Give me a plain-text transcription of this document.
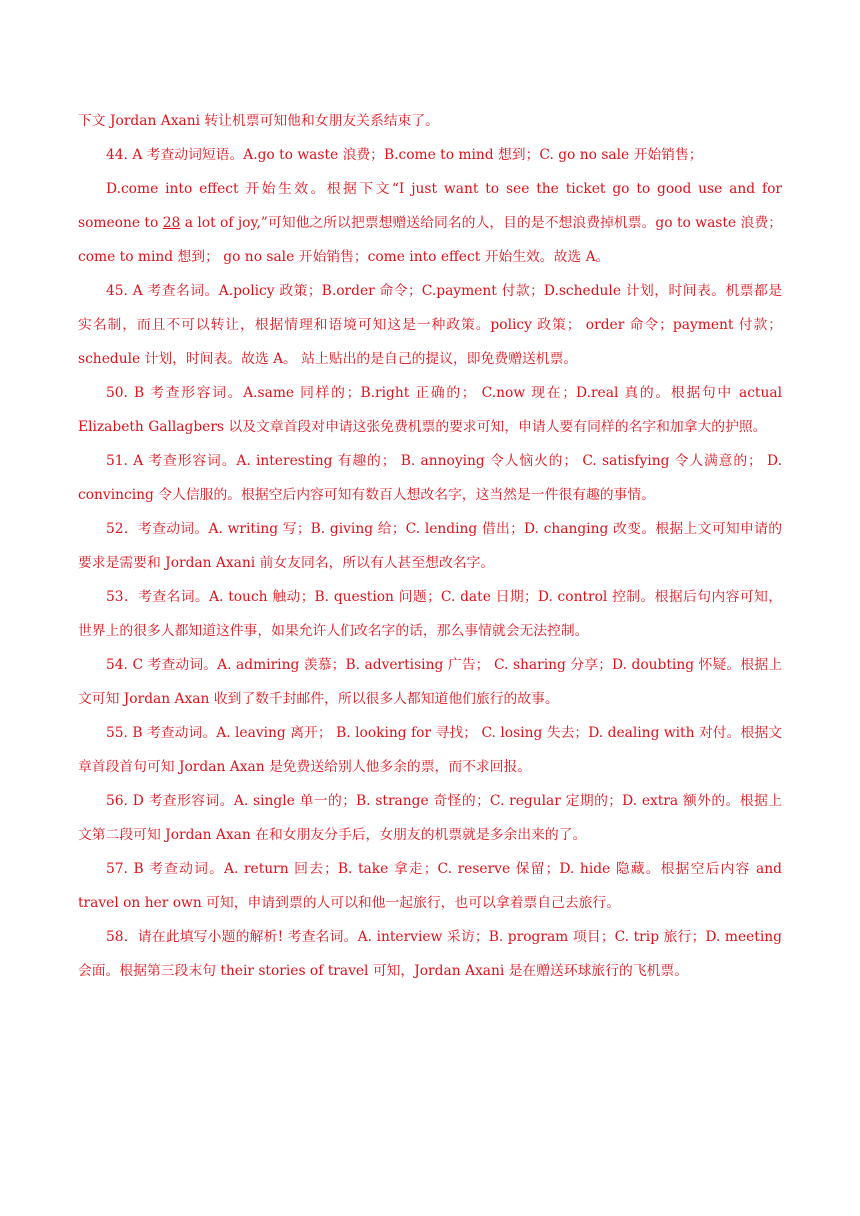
下文 Jordan Axani 转让机票可知他和女朋友关系结束了。

44. A 考查动词短语。A.go to waste 浪费；B.come to mind 想到；C. go no sale 开始销售；

D.come into effect 开始生效。根据下文“I just want to see the ticket go to good use and for someone to 28 a lot of joy,”可知他之所以把票想赠送给同名的人，目的是不想浪费掉机票。go to waste 浪费； come to mind 想到； go no sale 开始销售；come into effect 开始生效。故选 A。

45. A 考查名词。A.policy 政策；B.order 命令；C.payment 付款；D.schedule 计划，时间表。机票都是实名制，而且不可以转让，根据情理和语境可知这是一种政策。policy 政策； order 命令；payment 付款；schedule 计划，时间表。故选 A。 站上贴出的是自己的提议，即免费赠送机票。

50. B 考查形容词。A.same 同样的；B.right 正确的； C.now 现在；D.real 真的。根据句中 actual Elizabeth Gallagbers 以及文章首段对申请这张免费机票的要求可知，申请人要有同样的名字和加拿大的护照。

51. A 考查形容词。A. interesting 有趣的； B. annoying 令人恼火的； C. satisfying 令人满意的； D. convincing 令人信服的。根据空后内容可知有数百人想改名字，这当然是一件很有趣的事情。

52．考查动词。A. writing 写；B. giving 给；C. lending 借出；D. changing 改变。根据上文可知申请的要求是需要和 Jordan Axani 前女友同名，所以有人甚至想改名字。

53．考查名词。A. touch 触动；B. question 问题；C. date 日期；D. control 控制。根据后句内容可知，世界上的很多人都知道这件事，如果允许人们改名字的话，那么事情就会无法控制。

54. C 考查动词。A. admiring 羡慕；B. advertising 广告； C. sharing 分享；D. doubting 怀疑。根据上文可知 Jordan Axan 收到了数千封邮件，所以很多人都知道他们旅行的故事。

55. B 考查动词。A. leaving 离开； B. looking for 寻找； C. losing 失去；D. dealing with 对付。根据文章首段首句可知 Jordan Axan 是免费送给别人他多余的票，而不求回报。

56. D 考查形容词。A. single 单一的；B. strange 奇怪的；C. regular 定期的；D. extra 额外的。根据上文第二段可知 Jordan Axan 在和女朋友分手后，女朋友的机票就是多余出来的了。

57. B 考查动词。A. return 回去；B. take 拿走；C. reserve 保留；D. hide 隐藏。根据空后内容 and travel on her own 可知，申请到票的人可以和他一起旅行，也可以拿着票自己去旅行。

58．请在此填写小题的解析! 考查名词。A. interview 采访；B. program 项目；C. trip 旅行；D. meeting 会面。根据第三段末句 their stories of travel 可知，Jordan Axani 是在赠送环球旅行的飞机票。
